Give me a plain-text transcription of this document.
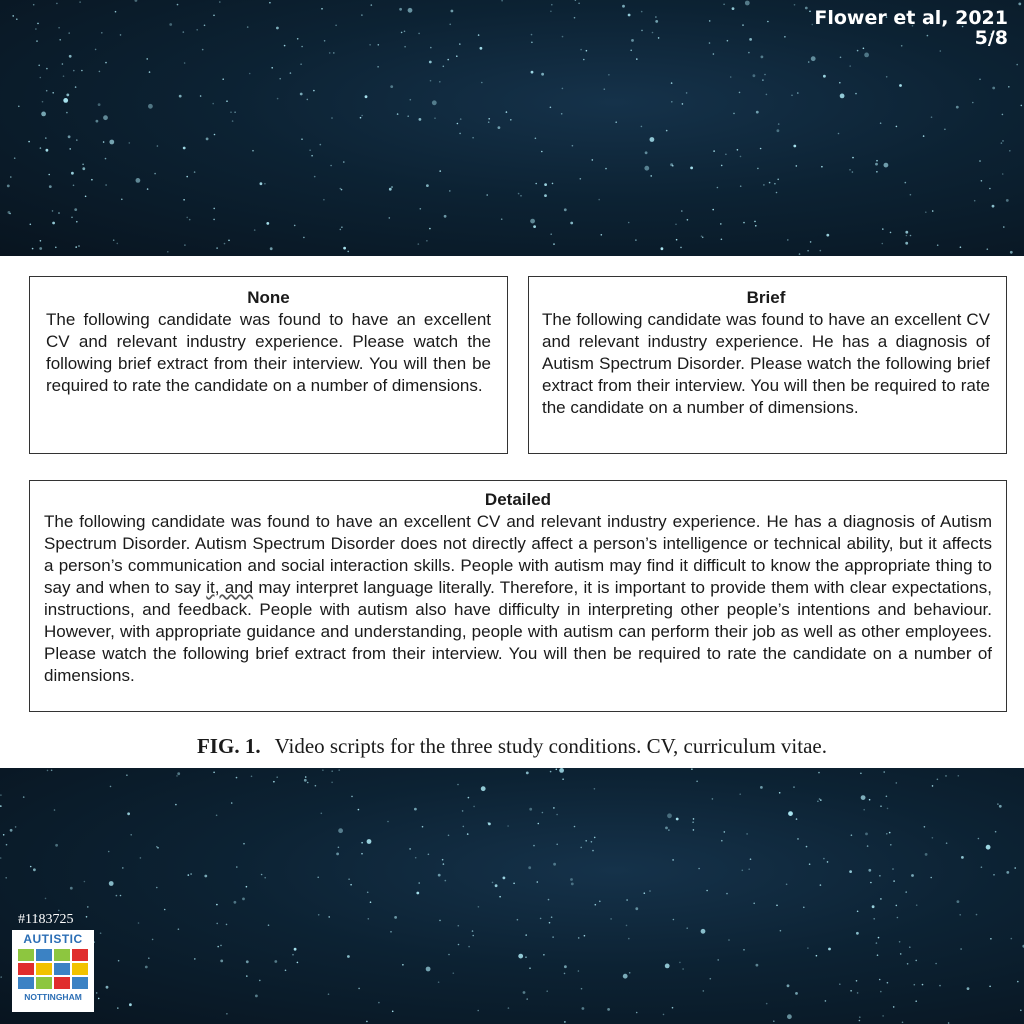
Flower et al, 2021
5/8
None
The following candidate was found to have an excellent CV and relevant industry experience. Please watch the following brief extract from their interview. You will then be required to rate the candidate on a number of dimensions.
Brief
The following candidate was found to have an excellent CV and relevant industry experience. He has a diagnosis of Autism Spectrum Disorder. Please watch the following brief extract from their interview. You will then be required to rate the candidate on a number of dimensions.
Detailed
The following candidate was found to have an excellent CV and relevant industry experience. He has a diagnosis of Autism Spectrum Disorder. Autism Spectrum Disorder does not directly affect a person’s intelligence or technical ability, but it affects a person’s communication and social interaction skills. People with autism may find it difficult to know the appropriate thing to say and when to say it, and may interpret language literally. Therefore, it is important to provide them with clear expectations, instructions, and feedback. People with autism also have difficulty in interpreting other people’s intentions and behaviour. However, with appropriate guidance and understanding, people with autism can perform their job as well as other employees. Please watch the following brief extract from their interview. You will then be required to rate the candidate on a number of dimensions.
FIG. 1. Video scripts for the three study conditions. CV, curriculum vitae.
#1183725
AUTISTIC
NOTTINGHAM
